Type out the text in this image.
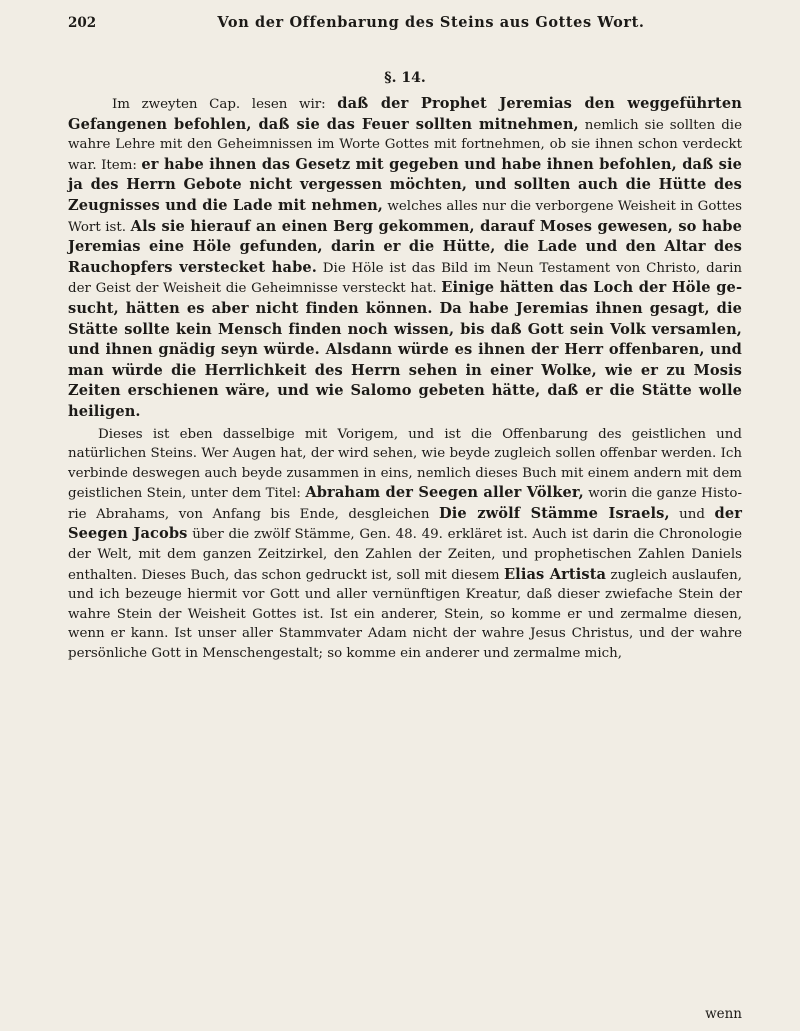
202	Von der Offenbarung des Steins aus Gottes Wort.
§. 14.

Im zweyten Cap. lesen wir: daß der Prophet Jeremias den weggeführten Gefangenen befohlen, daß sie das Feuer sollten mitnehmen, nemlich sie sollten die wahre Lehre mit den Geheimnissen im Worte Gottes mit fortnehmen, ob sie ihnen schon verdeckt war. Item: er habe ihnen das Gesetz mit gegeben und habe ihnen befohlen, daß sie ja des Herrn Gebote nicht vergessen möchten, und sollten auch die Hütte des Zeugnisses und die Lade mit nehmen, welches alles nur die verborgene Weisheit in Gottes Wort ist. Als sie hierauf an einen Berg gekommen, darauf Moses gewesen, so habe Jeremias eine Höle gefunden, darin er die Hütte, die Lade und den Altar des Rauchopfers verstecket habe. Die Höle ist das Bild im Neun Testament von Christo, darin der Geist der Weisheit die Geheimnisse versteckt hat. Einige hätten das Loch der Höle gesucht, hätten es aber nicht finden können. Da habe Jeremias ihnen gesagt, die Stätte sollte kein Mensch finden noch wissen, bis daß Gott sein Volk versamlen, und ihnen gnädig seyn würde. Alsdann würde es ihnen der Herr offenbaren, und man würde die Herrlichkeit des Herrn sehen in einer Wolke, wie er zu Mosis Zeiten erschienen wäre, und wie Salomo gebeten hätte, daß er die Stätte wolle heiligen.

Dieses ist eben dasselbige mit Vorigem, und ist die Offenbarung des geistlichen und natürlichen Steins. Wer Augen hat, der wird sehen, wie beyde zugleich sollen offenbar werden. Ich verbinde deswegen auch beyde zusammen in eins, nemlich dieses Buch mit einem andern mit dem geistlichen Stein, unter dem Titel: Abraham der Seegen aller Völker, worin die ganze Historie Abrahams, von Anfang bis Ende, desgleichen Die zwölf Stämme Israels, und der Seegen Jacobs über die zwölf Stämme, Gen. 48. 49. erkläret ist. Auch ist darin die Chronologie der Welt, mit dem ganzen Zeitzirkel, den Zahlen der Zeiten, und prophetischen Zahlen Daniels enthalten. Dieses Buch, das schon gedruckt ist, soll mit diesem Elias Artista zugleich auslaufen, und ich bezeuge hiermit vor Gott und aller vernünftigen Kreatur, daß dieser zwiefache Stein der wahre Stein der Weisheit Gottes ist. Ist ein anderer, Stein, so komme er und zermalme diesen, wenn er kann. Ist unser aller Stammvater Adam nicht der wahre Jesus Christus, und der wahre persönliche Gott in Menschengestalt; so komme ein anderer und zermalme mich,

wenn
